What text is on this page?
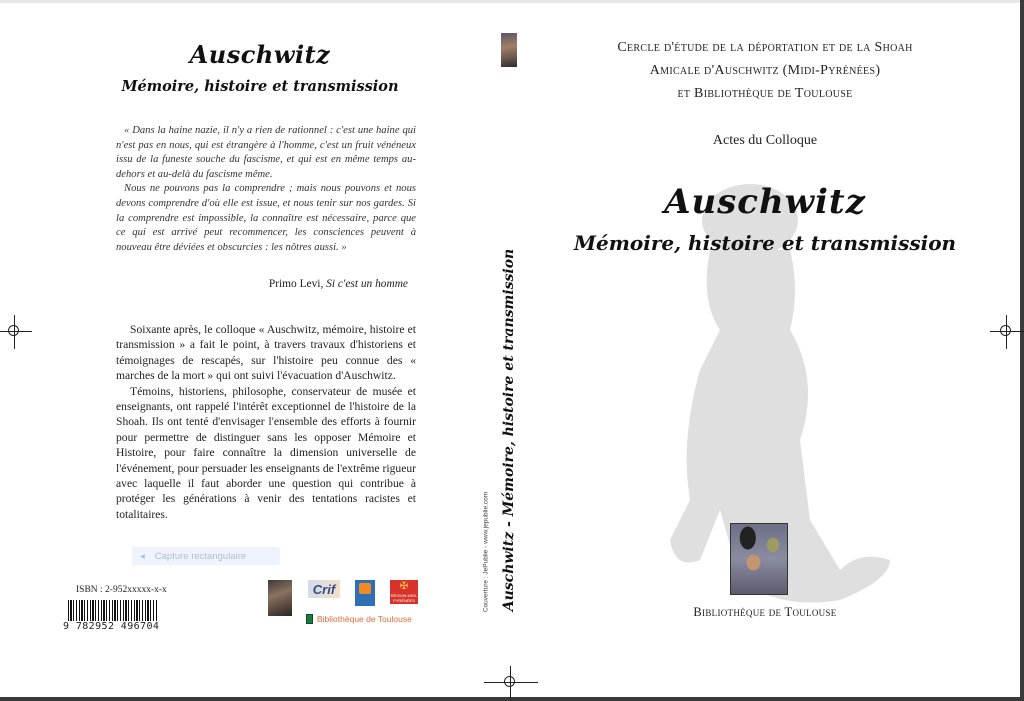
Auschwitz
Mémoire, histoire et transmission

« Dans la haine nazie, il n'y a rien de rationnel : c'est une haine qui n'est pas en nous, qui est étrangère à l'homme, c'est un fruit vénéneux issu de la funeste souche du fascisme, et qui est en même temps au-dehors et au-delà du fascisme même.

Nous ne pouvons pas la comprendre ; mais nous pouvons et nous devons comprendre d'où elle est issue, et nous tenir sur nos gardes. Si la comprendre est impossible, la connaître est nécessaire, parce que ce qui est arrivé peut recommencer, les consciences peuvent à nouveau être déviées et obscurcies : les nôtres aussi. »

Primo Levi, Si c'est un homme

Soixante après, le colloque « Auschwitz, mémoire, histoire et transmission » a fait le point, à travers travaux d'historiens et témoignages de rescapés, sur l'histoire peu connue des « marches de la mort » qui ont suivi l'évacuation d'Auschwitz.

Témoins, historiens, philosophe, conservateur de musée et enseignants, ont rappelé l'intérêt exceptionnel de l'histoire de la Shoah. Ils ont tenté d'envisager l'ensemble des efforts à fournir pour permettre de distinguer sans les opposer Mémoire et Histoire, pour faire connaître la dimension universelle de l'événement, pour persuader les enseignants de l'extrême rigueur avec laquelle il faut aborder une question qui contribue à protéger les générations à venir des tentations racistes et totalitaires.

◂ Capture rectangulaire
ISBN : 2-952xxxxx-x-x
9 782952 496704
· · · · · · · · · · · · · · · ·
Crif	✠
RÉGION MIDI-PYRÉNÉES
Bibliothèque de Toulouse
Auschwitz - Mémoire, histoire et transmission
Couverture : JePublie - www.jepublie.com
Cercle d'étude de la déportation et de la Shoah
Amicale d'Auschwitz (Midi-Pyrénées)
et Bibliothèque de Toulouse
Actes du Colloque
Auschwitz
Mémoire, histoire et transmission
Bibliothèque de Toulouse
